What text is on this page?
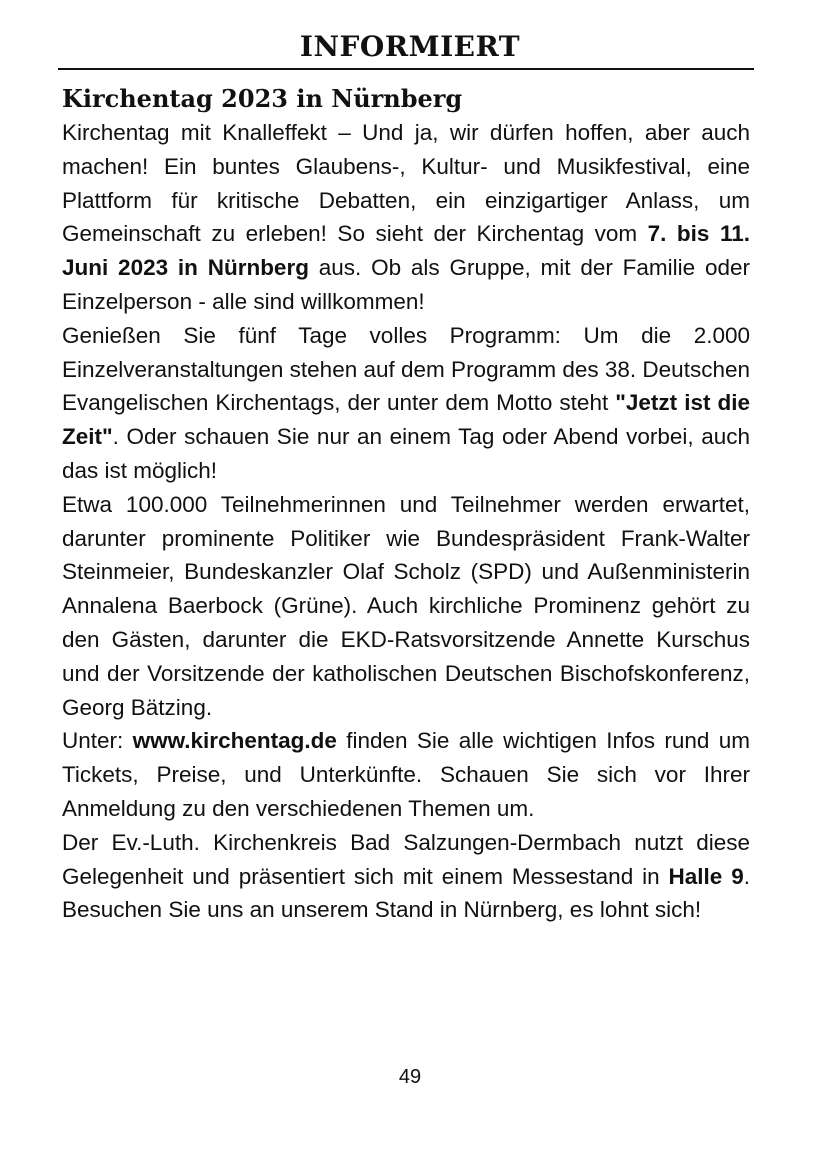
INFORMIERT
Kirchentag 2023 in Nürnberg

Kirchentag mit Knalleffekt – Und ja, wir dürfen hoffen, aber auch machen! Ein buntes Glaubens-, Kultur- und Musikfestival, eine Plattform für kritische Debatten, ein einzigartiger Anlass, um Gemeinschaft zu erleben! So sieht der Kirchentag vom 7. bis 11. Juni 2023 in Nürnberg aus. Ob als Gruppe, mit der Familie oder Einzelperson - alle sind willkommen!

Genießen Sie fünf Tage volles Programm: Um die 2.000 Einzelveranstaltungen stehen auf dem Programm des 38. Deutschen Evangelischen Kirchentags, der unter dem Motto steht "Jetzt ist die Zeit". Oder schauen Sie nur an einem Tag oder Abend vorbei, auch das ist möglich!

Etwa 100.000 Teilnehmerinnen und Teilnehmer werden erwartet, darunter prominente Politiker wie Bundespräsident Frank-Walter Steinmeier, Bundeskanzler Olaf Scholz (SPD) und Außenministerin Annalena Baerbock (Grüne). Auch kirchliche Prominenz gehört zu den Gästen, darunter die EKD-Ratsvorsitzende Annette Kurschus und der Vorsitzende der katholischen Deutschen Bischofskonferenz, Georg Bätzing.

Unter: www.kirchentag.de finden Sie alle wichtigen Infos rund um Tickets, Preise, und Unterkünfte. Schauen Sie sich vor Ihrer Anmeldung zu den verschiedenen Themen um.

Der Ev.-Luth. Kirchenkreis Bad Salzungen-Dermbach nutzt diese Gelegenheit und präsentiert sich mit einem Messestand in Halle 9. Besuchen Sie uns an unserem Stand in Nürnberg, es lohnt sich!

49
